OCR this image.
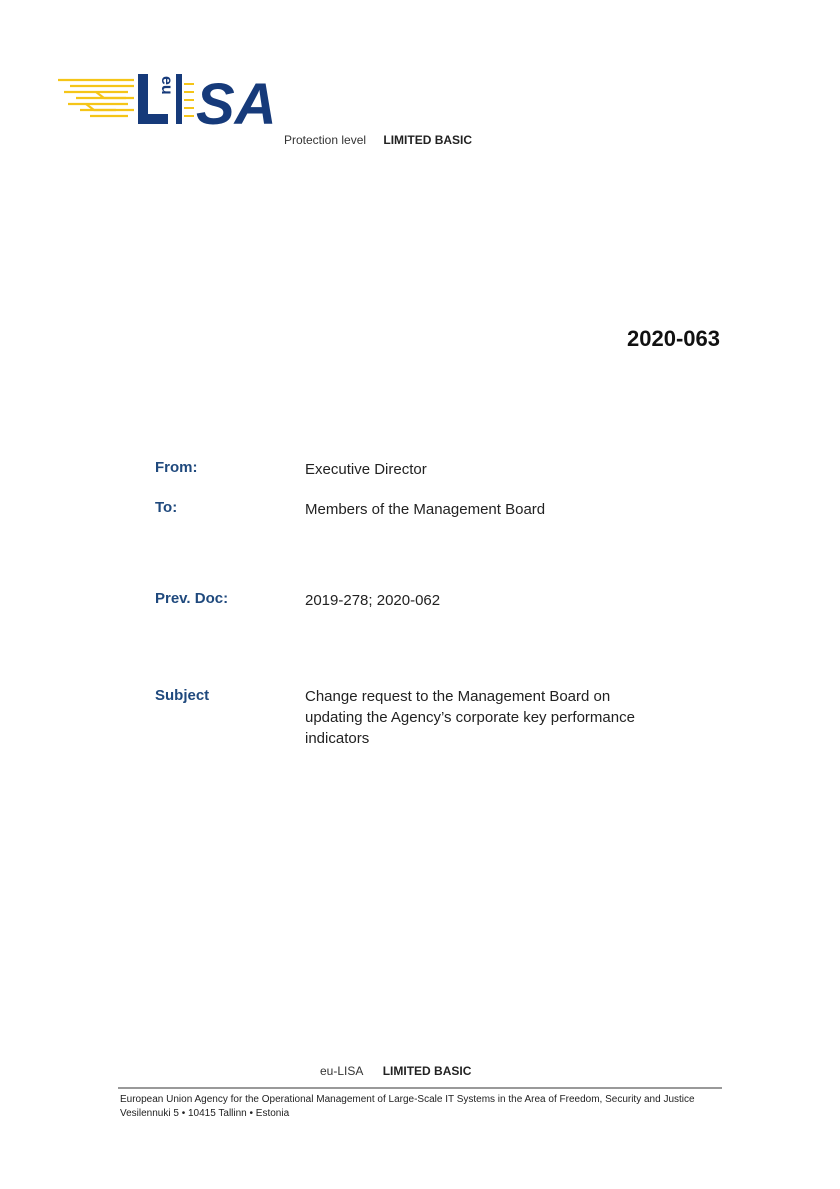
eu SA
Protection level LIMITED BASIC
2020-063
From:	Executive Director
To:	Members of the Management Board
Prev. Doc:	2019-278; 2020-062
Subject	Change request to the Management Board on
updating the Agency’s corporate key performance
indicators
eu-LISA LIMITED BASIC
European Union Agency for the Operational Management of Large-Scale IT Systems in the Area of Freedom, Security and Justice
Vesilennuki 5 • 10415 Tallinn • Estonia
